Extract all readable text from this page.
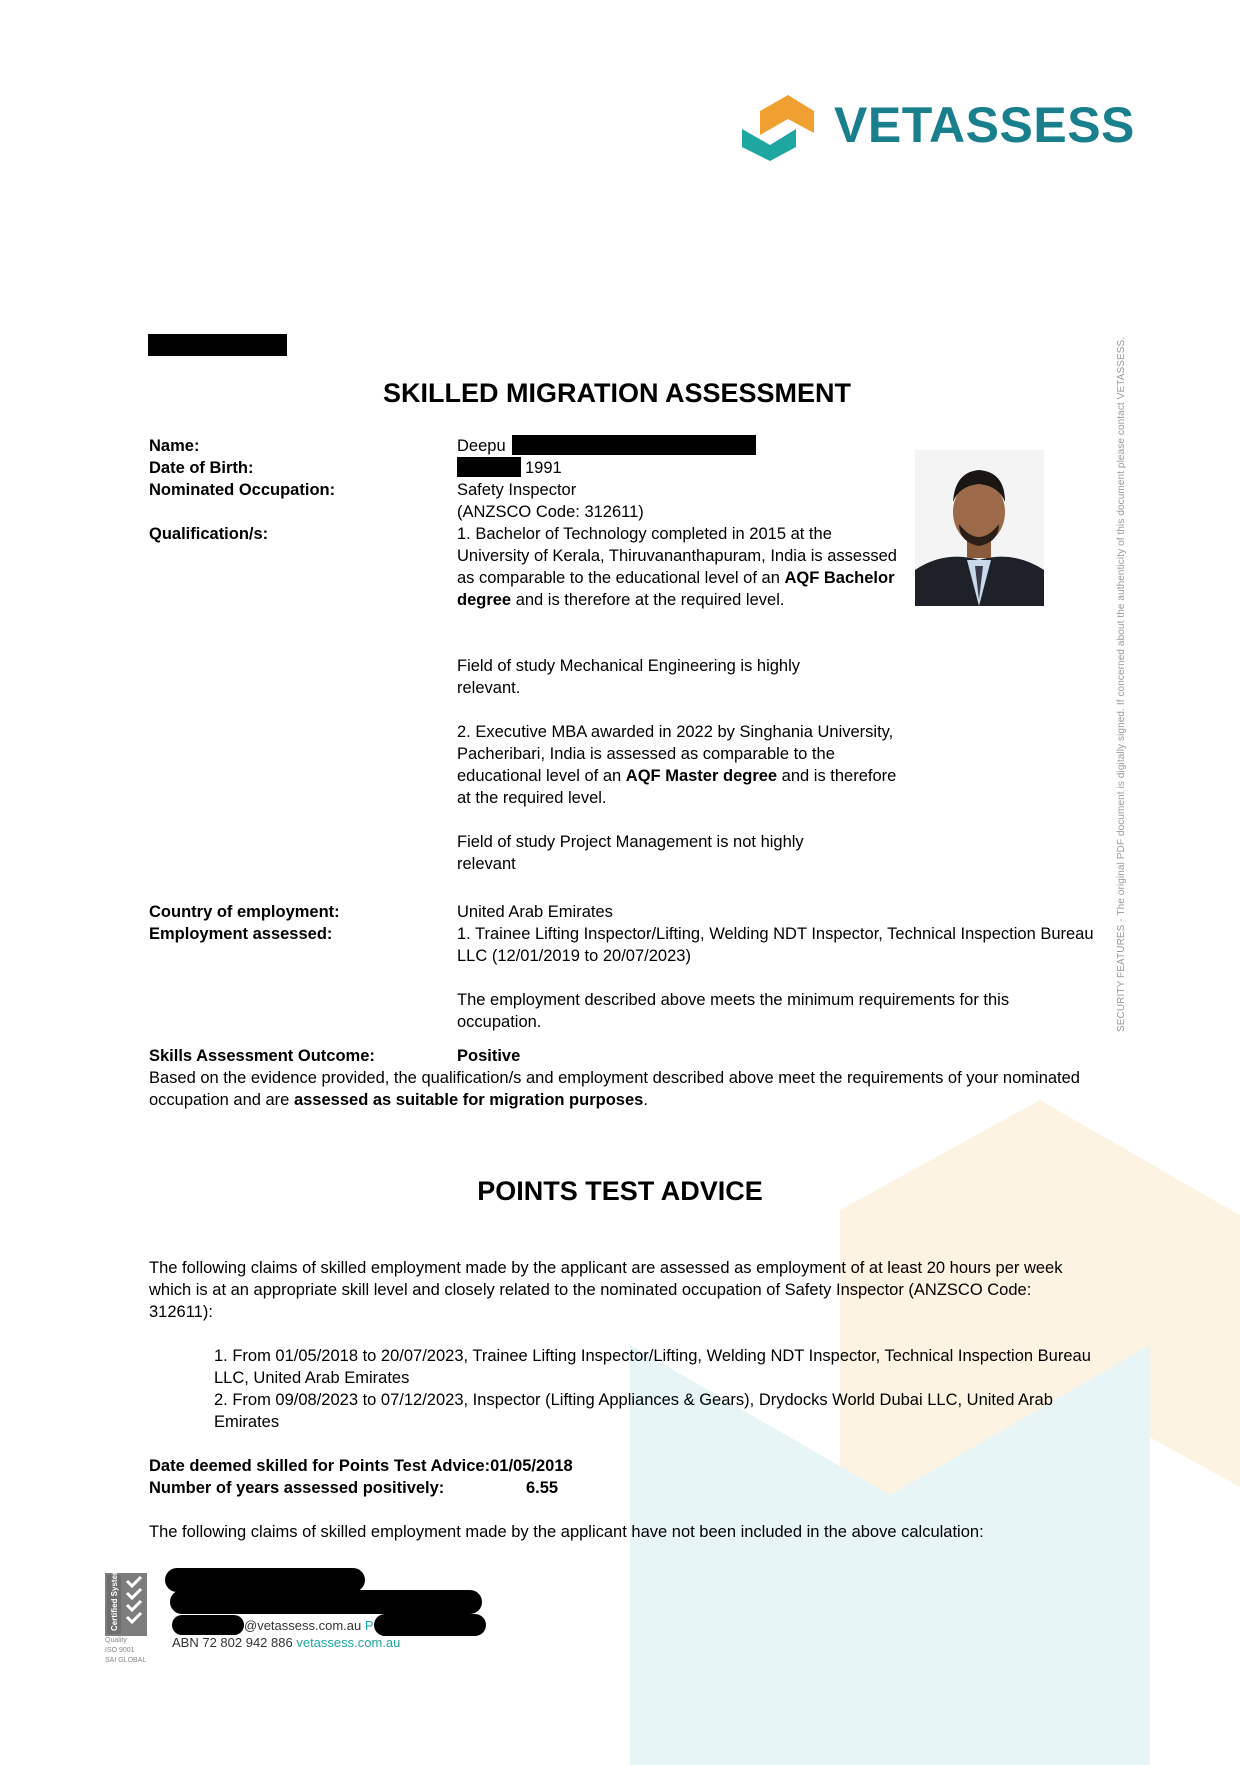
VETASSESS
SKILLED MIGRATION ASSESSMENT
Name:	Deepu
Date of Birth:	1991
Nominated Occupation:	Safety Inspector
(ANZSCO Code: 312611)
Qualification/s:	1. Bachelor of Technology completed in 2015 at the University of Kerala, Thiruvananthapuram, India is assessed as comparable to the educational level of an AQF Bachelor degree and is therefore at the required level.
Field of study Mechanical Engineering is highly relevant.
2. Executive MBA awarded in 2022 by Singhania University, Pacheribari, India is assessed as comparable to the educational level of an AQF Master degree and is therefore at the required level.
Field of study Project Management is not highly relevant
Country of employment:	United Arab Emirates
Employment assessed:	1. Trainee Lifting Inspector/Lifting, Welding NDT Inspector, Technical Inspection Bureau LLC (12/01/2019 to 20/07/2023)
The employment described above meets the minimum requirements for this occupation.
Skills Assessment Outcome:	Positive
Based on the evidence provided, the qualification/s and employment described above meet the requirements of your nominated occupation and are assessed as suitable for migration purposes.
POINTS TEST ADVICE
The following claims of skilled employment made by the applicant are assessed as employment of at least 20 hours per week which is at an appropriate skill level and closely related to the nominated occupation of Safety Inspector (ANZSCO Code: 312611):
1. From 01/05/2018 to 20/07/2023, Trainee Lifting Inspector/Lifting, Welding NDT Inspector, Technical Inspection Bureau LLC, United Arab Emirates
2. From 09/08/2023 to 07/12/2023, Inspector (Lifting Appliances & Gears), Drydocks World Dubai LLC, United Arab Emirates
Date deemed skilled for Points Test Advice:01/05/2018
Number of years assessed positively:	6.55
The following claims of skilled employment made by the applicant have not been included in the above calculation:
Certified System
Quality
ISO 9001
SAI GLOBAL
@vetassess.com.au P
ABN 72 802 942 886 vetassess.com.au
SECURITY FEATURES - The original PDF document is digitally signed. If concerned about the authenticity of this document please contact VETASSESS.
